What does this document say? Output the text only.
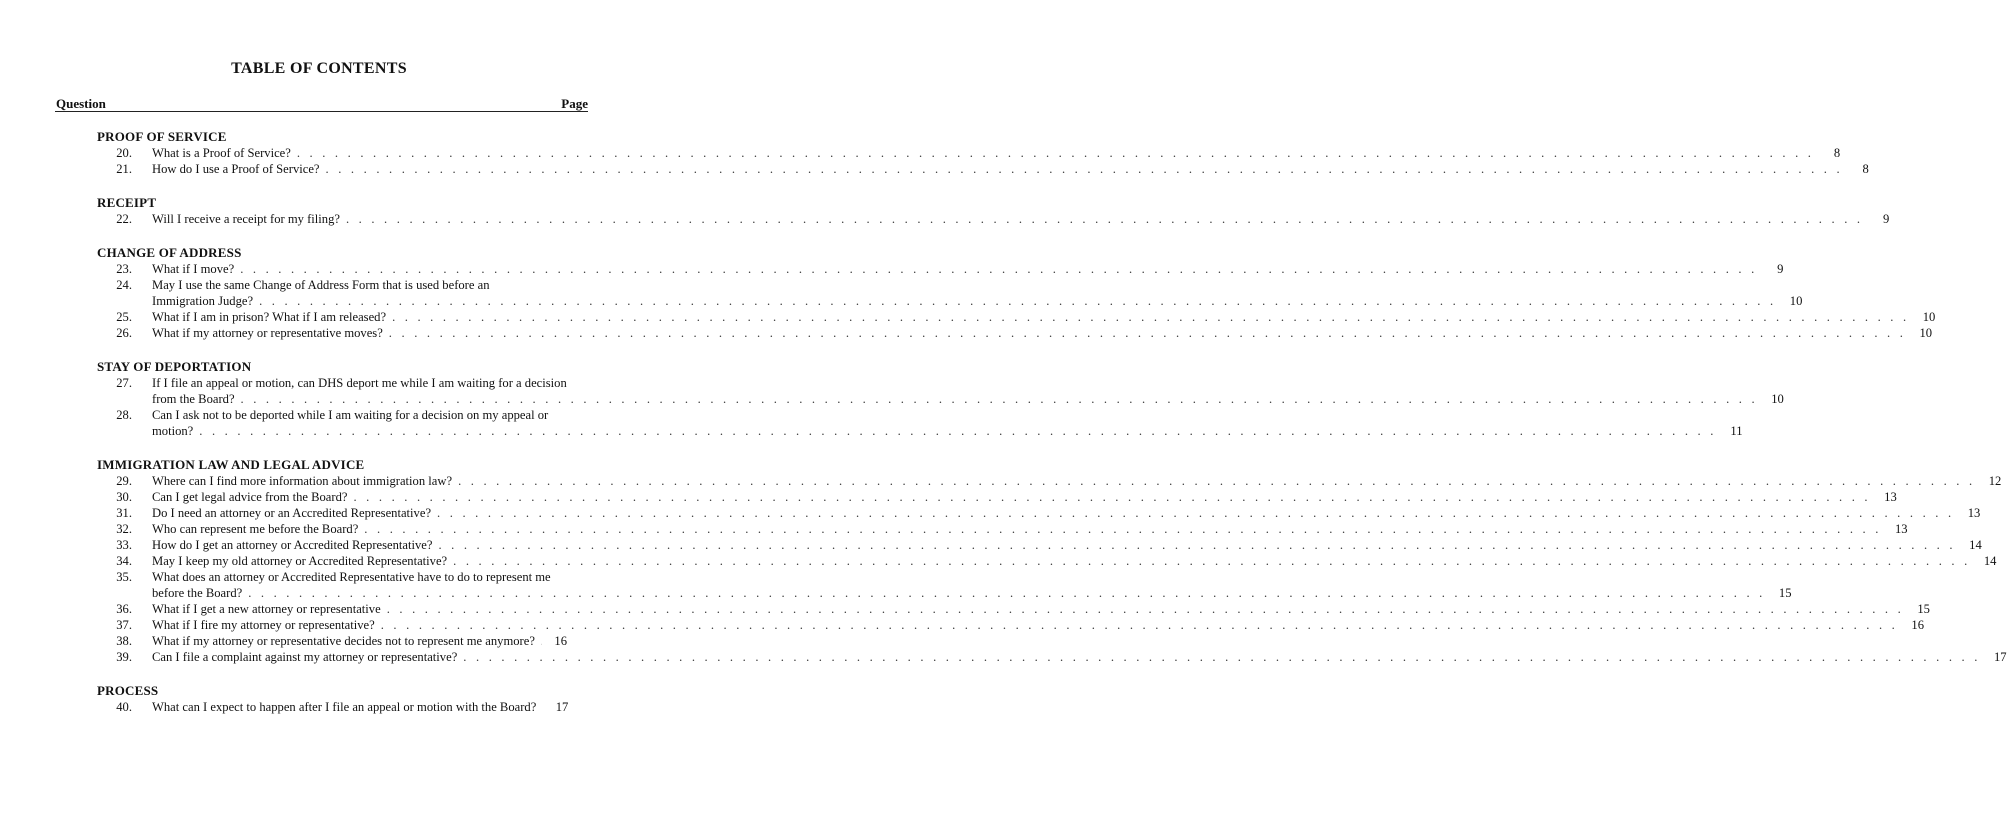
TABLE OF CONTENTS
Question	Page
PROOF OF SERVICE
20.	What is a Proof of Service? . . . . . . . . . . . . . . . . . . . . . . . . . . . . . . . . . . . . . . . . . . . . . . . . . . . . . . . . . . . . . . . . . . . . . . . . . . . . . . . . . . . . . . . . . . . . . . . . . . . . . . . . . . . . . . . . . . . . . . . .	8
21.	How do I use a Proof of Service? . . . . . . . . . . . . . . . . . . . . . . . . . . . . . . . . . . . . . . . . . . . . . . . . . . . . . . . . . . . . . . . . . . . . . . . . . . . . . . . . . . . . . . . . . . . . . . . . . . . . . . . . . . . . . . . . . . . . . . . .	8
RECEIPT
22.	Will I receive a receipt for my filing? . . . . . . . . . . . . . . . . . . . . . . . . . . . . . . . . . . . . . . . . . . . . . . . . . . . . . . . . . . . . . . . . . . . . . . . . . . . . . . . . . . . . . . . . . . . . . . . . . . . . . . . . . . . . . . . . . . . . . . . .	9
CHANGE OF ADDRESS
23.	What if I move? . . . . . . . . . . . . . . . . . . . . . . . . . . . . . . . . . . . . . . . . . . . . . . . . . . . . . . . . . . . . . . . . . . . . . . . . . . . . . . . . . . . . . . . . . . . . . . . . . . . . . . . . . . . . . . . . . . . . . . . .	9
24.	May I use the same Change of Address Form that is used before an
Immigration Judge? . . . . . . . . . . . . . . . . . . . . . . . . . . . . . . . . . . . . . . . . . . . . . . . . . . . . . . . . . . . . . . . . . . . . . . . . . . . . . . . . . . . . . . . . . . . . . . . . . . . . . . . . . . . . . . . . . . . . . . . .	10
25.	What if I am in prison? What if I am released? . . . . . . . . . . . . . . . . . . . . . . . . . . . . . . . . . . . . . . . . . . . . . . . . . . . . . . . . . . . . . . . . . . . . . . . . . . . . . . . . . . . . . . . . . . . . . . . . . . . . . . . . . . . . . . . . . . . . . . . .	10
26.	What if my attorney or representative moves? . . . . . . . . . . . . . . . . . . . . . . . . . . . . . . . . . . . . . . . . . . . . . . . . . . . . . . . . . . . . . . . . . . . . . . . . . . . . . . . . . . . . . . . . . . . . . . . . . . . . . . . . . . . . . . . . . . . . . . . .	10
STAY OF DEPORTATION
27.	If I file an appeal or motion, can DHS deport me while I am waiting for a decision
from the Board? . . . . . . . . . . . . . . . . . . . . . . . . . . . . . . . . . . . . . . . . . . . . . . . . . . . . . . . . . . . . . . . . . . . . . . . . . . . . . . . . . . . . . . . . . . . . . . . . . . . . . . . . . . . . . . . . . . . . . . . .	10
28.	Can I ask not to be deported while I am waiting for a decision on my appeal or
motion? . . . . . . . . . . . . . . . . . . . . . . . . . . . . . . . . . . . . . . . . . . . . . . . . . . . . . . . . . . . . . . . . . . . . . . . . . . . . . . . . . . . . . . . . . . . . . . . . . . . . . . . . . . . . . . . . . . . . . . . .	11
IMMIGRATION LAW AND LEGAL ADVICE
29.	Where can I find more information about immigration law? . . . . . . . . . . . . . . . . . . . . . . . . . . . . . . . . . . . . . . . . . . . . . . . . . . . . . . . . . . . . . . . . . . . . . . . . . . . . . . . . . . . . . . . . . . . . . . . . . . . . . . . . . . . . . . . . . . . . . . . .	12
30.	Can I get legal advice from the Board? . . . . . . . . . . . . . . . . . . . . . . . . . . . . . . . . . . . . . . . . . . . . . . . . . . . . . . . . . . . . . . . . . . . . . . . . . . . . . . . . . . . . . . . . . . . . . . . . . . . . . . . . . . . . . . . . . . . . . . . .	13
31.	Do I need an attorney or an Accredited Representative? . . . . . . . . . . . . . . . . . . . . . . . . . . . . . . . . . . . . . . . . . . . . . . . . . . . . . . . . . . . . . . . . . . . . . . . . . . . . . . . . . . . . . . . . . . . . . . . . . . . . . . . . . . . . . . . . . . . . . . . .	13
32.	Who can represent me before the Board? . . . . . . . . . . . . . . . . . . . . . . . . . . . . . . . . . . . . . . . . . . . . . . . . . . . . . . . . . . . . . . . . . . . . . . . . . . . . . . . . . . . . . . . . . . . . . . . . . . . . . . . . . . . . . . . . . . . . . . . .	13
33.	How do I get an attorney or Accredited Representative? . . . . . . . . . . . . . . . . . . . . . . . . . . . . . . . . . . . . . . . . . . . . . . . . . . . . . . . . . . . . . . . . . . . . . . . . . . . . . . . . . . . . . . . . . . . . . . . . . . . . . . . . . . . . . . . . . . . . . . . .	14
34.	May I keep my old attorney or Accredited Representative? . . . . . . . . . . . . . . . . . . . . . . . . . . . . . . . . . . . . . . . . . . . . . . . . . . . . . . . . . . . . . . . . . . . . . . . . . . . . . . . . . . . . . . . . . . . . . . . . . . . . . . . . . . . . . . . . . . . . . . . .	14
35.	What does an attorney or Accredited Representative have to do to represent me
before the Board? . . . . . . . . . . . . . . . . . . . . . . . . . . . . . . . . . . . . . . . . . . . . . . . . . . . . . . . . . . . . . . . . . . . . . . . . . . . . . . . . . . . . . . . . . . . . . . . . . . . . . . . . . . . . . . . . . . . . . . . .	15
36.	What if I get a new attorney or representative . . . . . . . . . . . . . . . . . . . . . . . . . . . . . . . . . . . . . . . . . . . . . . . . . . . . . . . . . . . . . . . . . . . . . . . . . . . . . . . . . . . . . . . . . . . . . . . . . . . . . . . . . . . . . . . . . . . . . . . .	15
37.	What if I fire my attorney or representative? . . . . . . . . . . . . . . . . . . . . . . . . . . . . . . . . . . . . . . . . . . . . . . . . . . . . . . . . . . . . . . . . . . . . . . . . . . . . . . . . . . . . . . . . . . . . . . . . . . . . . . . . . . . . . . . . . . . . . . . .	16
38.	What if my attorney or representative decides not to represent me anymore?	16
39.	Can I file a complaint against my attorney or representative? . . . . . . . . . . . . . . . . . . . . . . . . . . . . . . . . . . . . . . . . . . . . . . . . . . . . . . . . . . . . . . . . . . . . . . . . . . . . . . . . . . . . . . . . . . . . . . . . . . . . . . . . . . . . . . . . . . . . . . . .	17
PROCESS
40.	What can I expect to happen after I file an appeal or motion with the Board?	17
